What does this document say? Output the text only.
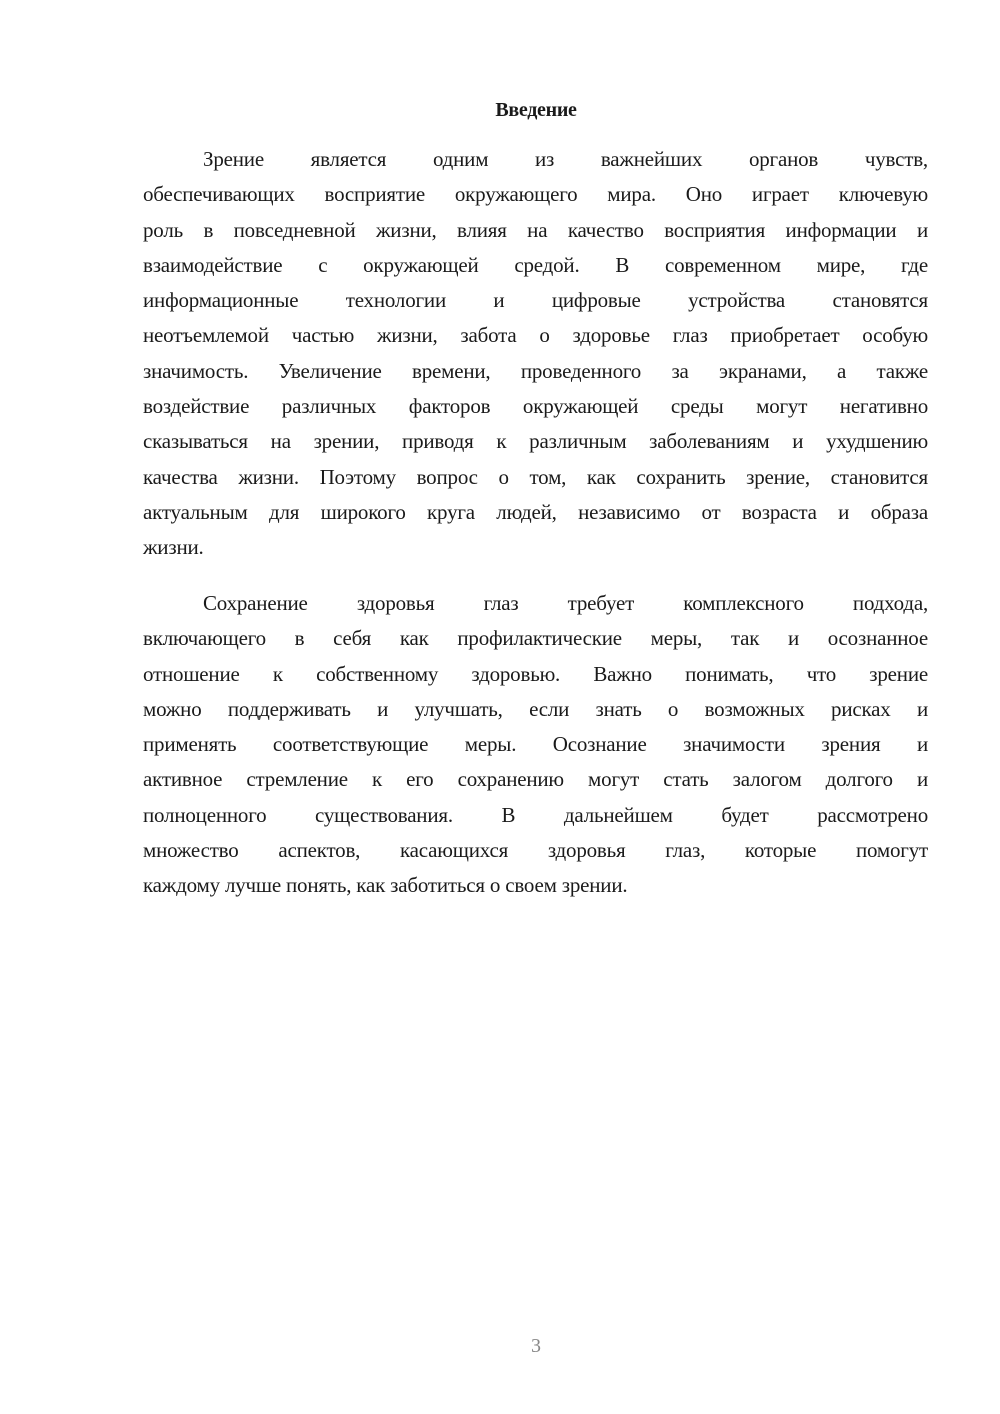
Введение
Зрение является одним из важнейших органов чувств,
обеспечивающих восприятие окружающего мира. Оно играет ключевую
роль в повседневной жизни, влияя на качество восприятия информации и
взаимодействие с окружающей средой. В современном мире, где
информационные технологии и цифровые устройства становятся
неотъемлемой частью жизни, забота о здоровье глаз приобретает особую
значимость. Увеличение времени, проведенного за экранами, а также
воздействие различных факторов окружающей среды могут негативно
сказываться на зрении, приводя к различным заболеваниям и ухудшению
качества жизни. Поэтому вопрос о том, как сохранить зрение, становится
актуальным для широкого круга людей, независимо от возраста и образа
жизни.
Сохранение здоровья глаз требует комплексного подхода,
включающего в себя как профилактические меры, так и осознанное
отношение к собственному здоровью. Важно понимать, что зрение
можно поддерживать и улучшать, если знать о возможных рисках и
применять соответствующие меры. Осознание значимости зрения и
активное стремление к его сохранению могут стать залогом долгого и
полноценного существования. В дальнейшем будет рассмотрено
множество аспектов, касающихся здоровья глаз, которые помогут
каждому лучше понять, как заботиться о своем зрении.
3
